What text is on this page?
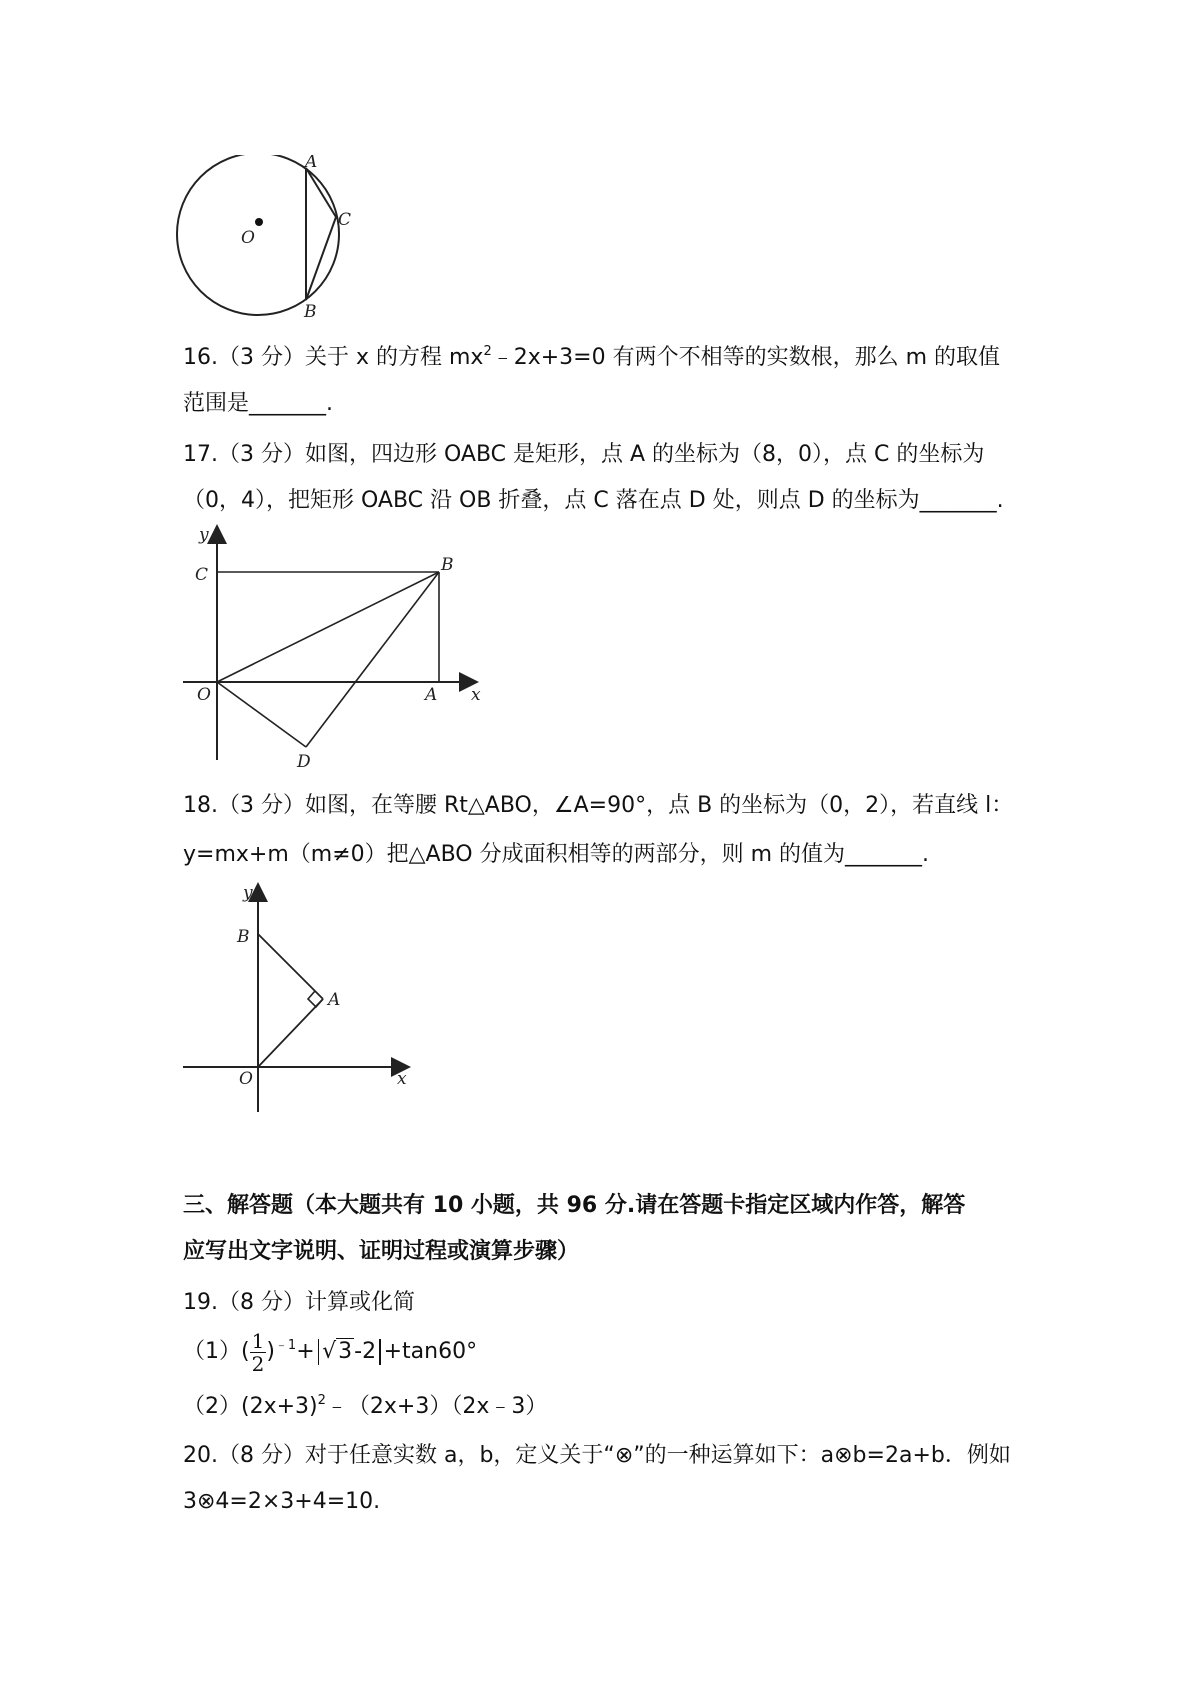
A
C
O
B
16.（3 分）关于 x 的方程 $mx^2﹣2x+3=0$ 有两个不相等的实数根，那么 m 的取值
范围是_______.
17.（3 分）如图，四边形 OABC 是矩形，点 A 的坐标为（8，0），点 C 的坐标为
（0，4），把矩形 OABC 沿 OB 折叠，点 C 落在点 D 处，则点 D 的坐标为_______.
y
C	B
O	A x
D
18.（3 分）如图，在等腰 Rt△ABO，∠A=90°，点 B 的坐标为（0，2），若直线 l：
y=mx+m（m≠0）把△ABO 分成面积相等的两部分，则 m 的值为_______.
y
B
A
O	x
三、解答题（本大题共有 10 小题，共 96 分.请在答题卡指定区域内作答，解答
应写出文字说明、证明过程或演算步骤）
19.（8 分）计算或化简
$(1)( \frac{1}{2} )^{﹣1}+ √3-2 +\tan 60^\circ$
$(2)(2x+3)^2﹣(2x+3)(2x﹣3)$
20.（8 分）对于任意实数 a，b，定义关于“⊗”的一种运算如下：a⊗b=2a+b．例如
3⊗4=2×3+4=10.
